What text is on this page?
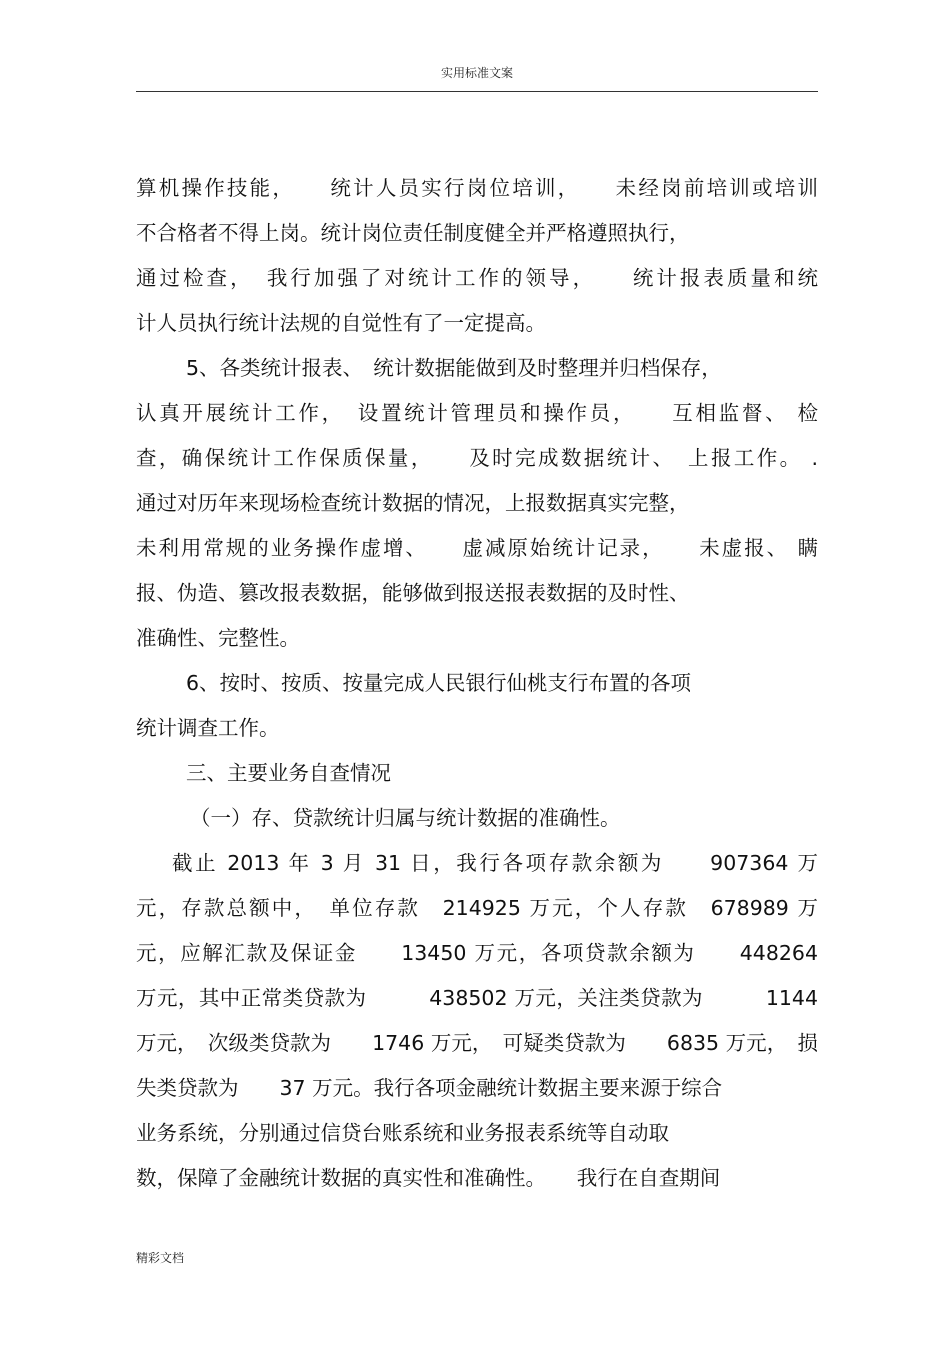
实用标准文案
算机操作技能，　　统计人员实行岗位培训，　　未经岗前培训或培训
不合格者不得上岗。统计岗位责任制度健全并严格遵照执行，
通过检查，　我行加强了对统计工作的领导，　　统计报表质量和统
计人员执行统计法规的自觉性有了一定提高。
5、各类统计报表、　统计数据能做到及时整理并归档保存，
认真开展统计工作，　设置统计管理员和操作员，　　互相监督、 检
查，确保统计工作保质保量，　　及时完成数据统计、　上报工作。 .
通过对历年来现场检查统计数据的情况，上报数据真实完整，
未利用常规的业务操作虚增、　　虚减原始统计记录，　　未虚报、 瞒
报、伪造、篡改报表数据，能够做到报送报表数据的及时性、
准确性、完整性。
6、按时、按质、按量完成人民银行仙桃支行布置的各项
统计调查工作。
三、主要业务自查情况
（一）存、贷款统计归属与统计数据的准确性。
截止 2013 年 3 月 31 日，我行各项存款余额为　　907364 万
元，存款总额中，　单位存款　214925 万元，个人存款　678989 万
元，应解汇款及保证金　　13450 万元，各项贷款余额为　　448264
万元，其中正常类贷款为　　　438502 万元，关注类贷款为　　　1144
万元，　次级类贷款为　　1746 万元，　可疑类贷款为　　6835 万元，　损
失类贷款为　　37 万元。我行各项金融统计数据主要来源于综合
业务系统，分别通过信贷台账系统和业务报表系统等自动取
数，保障了金融统计数据的真实性和准确性。　　我行在自查期间
精彩文档
